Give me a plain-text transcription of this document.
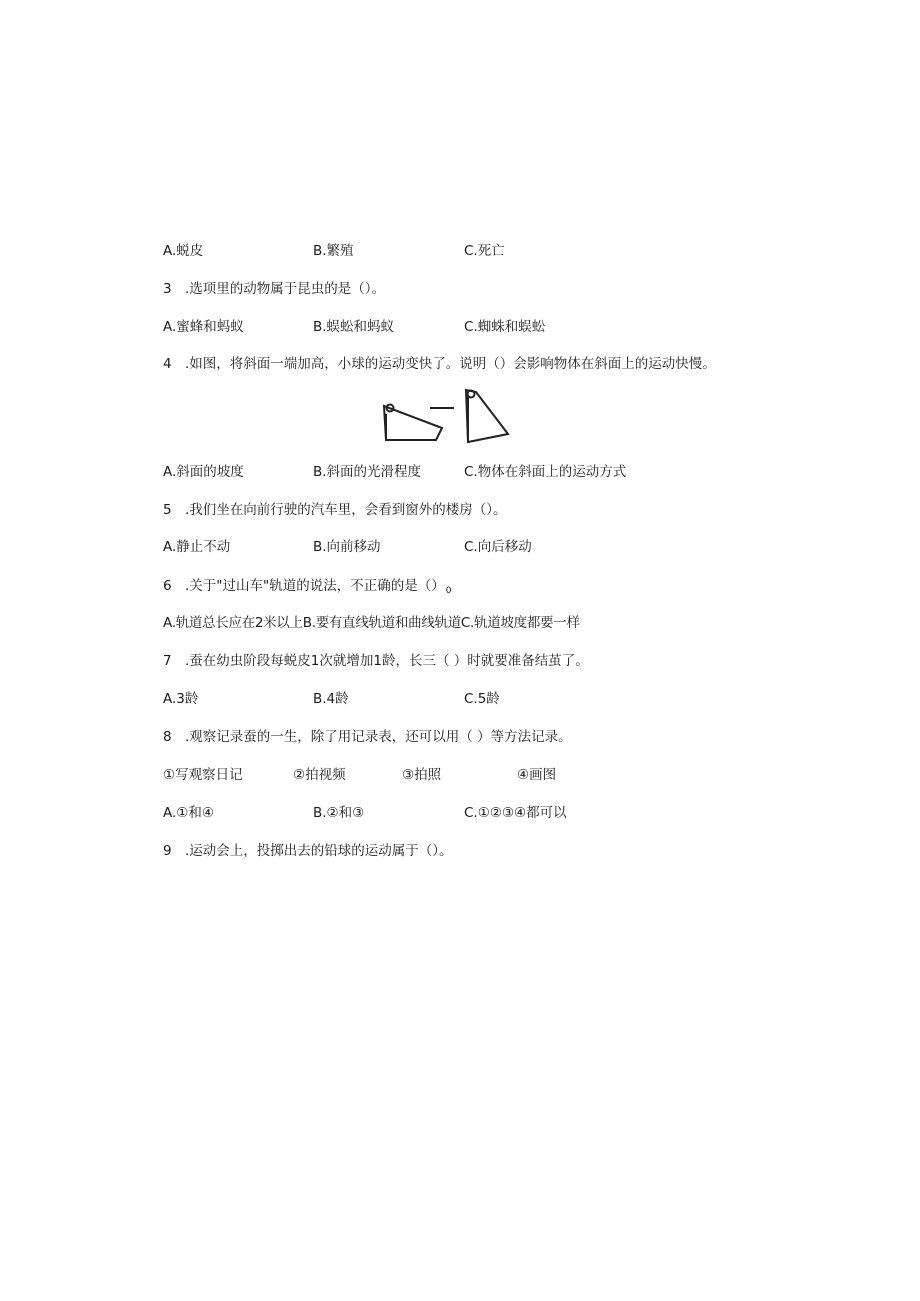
A.蜕皮	B.繁殖	C.死亡
3 .选项里的动物属于昆虫的是（）。
A.蜜蜂和蚂蚁	B.蜈蚣和蚂蚁	C.蜘蛛和蜈蚣
4 .如图，将斜面一端加高，小球的运动变快了。说明（）会影响物体在斜面上的运动快慢。
A.斜面的坡度	B.斜面的光滑程度	C.物体在斜面上的运动方式
5 .我们坐在向前行驶的汽车里，会看到窗外的楼房（）。
A.静止不动	B.向前移动	C.向后移动
6 .关于"过山车"轨道的说法，不正确的是$()_0$
A.轨道总长应在2米以上B.要有直线轨道和曲线轨道C.轨道坡度都要一样
7 .蚕在幼虫阶段每蜕皮1次就增加1龄，长三（ ）时就要准备结茧了。
A.3龄	B.4龄	C.5龄
8 .观察记录蚕的一生，除了用记录表，还可以用（ ）等方法记录。
①写观察日记	②拍视频	③拍照	④画图
A.①和④	B.②和③	C.①②③④都可以
9 .运动会上，投掷出去的铅球的运动属于（）。
